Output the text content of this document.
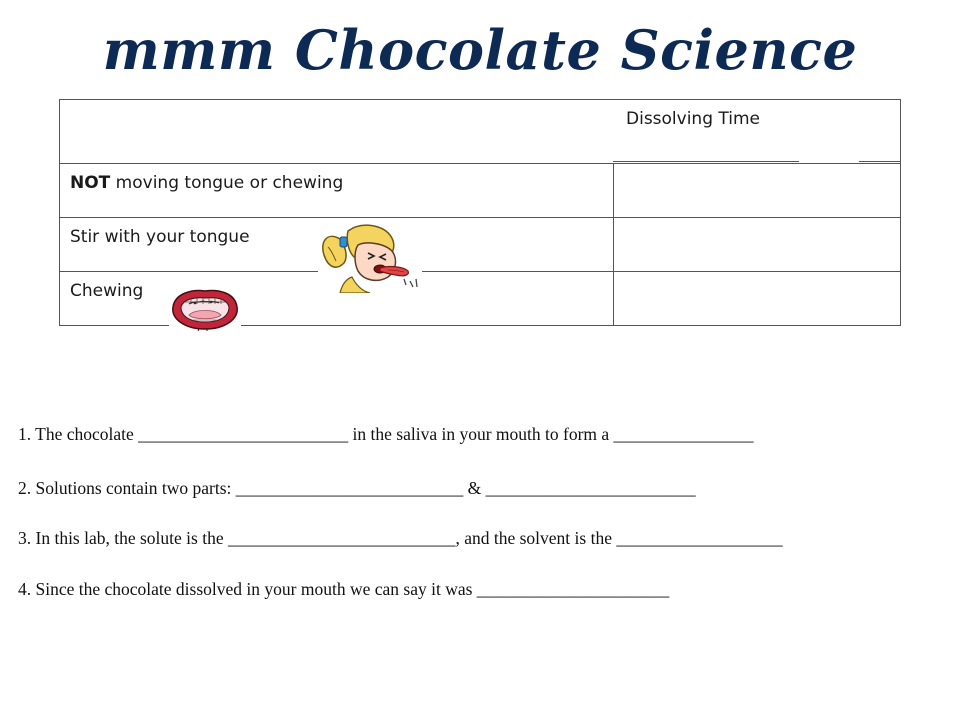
mmm Chocolate Science
Dissolving Time
NOT moving tongue or chewing
Stir with your tongue
Chewing
1. The chocolate ________________________ in the saliva in your mouth to form a ________________
2. Solutions contain two parts: __________________________ & ________________________
3. In this lab, the solute is the __________________________, and the solvent is the ___________________
4. Since the chocolate dissolved in your mouth we can say it was ______________________
